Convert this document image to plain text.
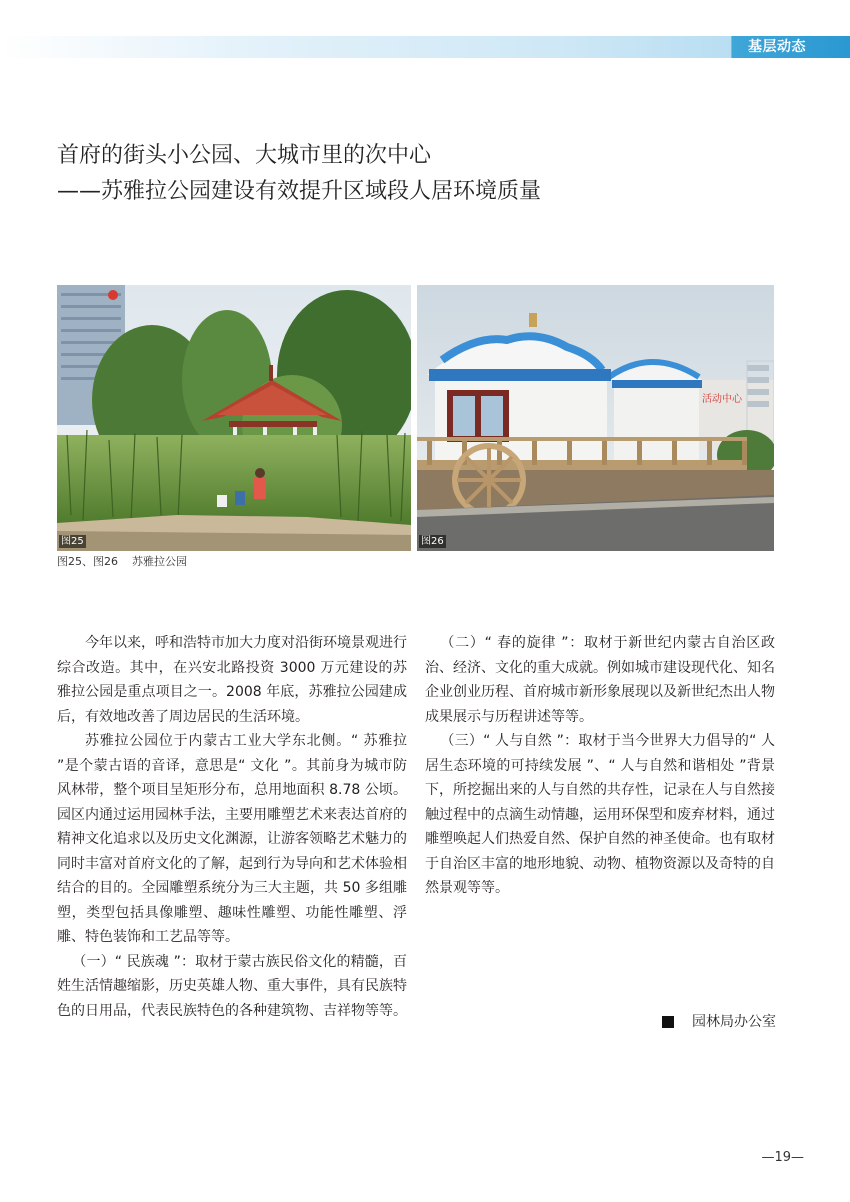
基层动态
首府的街头小公园、大城市里的次中心
——苏雅拉公园建设有效提升区域段人居环境质量
图25
活动中心
图26
图25、图26 苏雅拉公园

今年以来，呼和浩特市加大力度对沿街环境景观进行综合改造。其中，在兴安北路投资 3000 万元建设的苏雅拉公园是重点项目之一。2008 年底，苏雅拉公园建成后，有效地改善了周边居民的生活环境。

苏雅拉公园位于内蒙古工业大学东北侧。“ 苏雅拉 ”是个蒙古语的音译，意思是“ 文化 ”。其前身为城市防风林带，整个项目呈矩形分布，总用地面积 8.78 公顷。园区内通过运用园林手法，主要用雕塑艺术来表达首府的精神文化追求以及历史文化渊源，让游客领略艺术魅力的同时丰富对首府文化的了解，起到行为导向和艺术体验相结合的目的。全园雕塑系统分为三大主题，共 50 多组雕塑，类型包括具像雕塑、趣味性雕塑、功能性雕塑、浮雕、特色装饰和工艺品等等。

（一）“ 民族魂 ”：取材于蒙古族民俗文化的精髓，百姓生活情趣缩影，历史英雄人物、重大事件，具有民族特色的日用品，代表民族特色的各种建筑物、吉祥物等等。

（二）“ 春的旋律 ”：取材于新世纪内蒙古自治区政治、经济、文化的重大成就。例如城市建设现代化、知名企业创业历程、首府城市新形象展现以及新世纪杰出人物成果展示与历程讲述等等。

（三）“ 人与自然 ”：取材于当今世界大力倡导的“ 人居生态环境的可持续发展 ”、“ 人与自然和谐相处 ”背景下，所挖掘出来的人与自然的共存性，记录在人与自然接触过程中的点滴生动情趣，运用环保型和废弃材料，通过雕塑唤起人们热爱自然、保护自然的神圣使命。也有取材于自治区丰富的地形地貌、动物、植物资源以及奇特的自然景观等等。

园林局办公室
—19—
